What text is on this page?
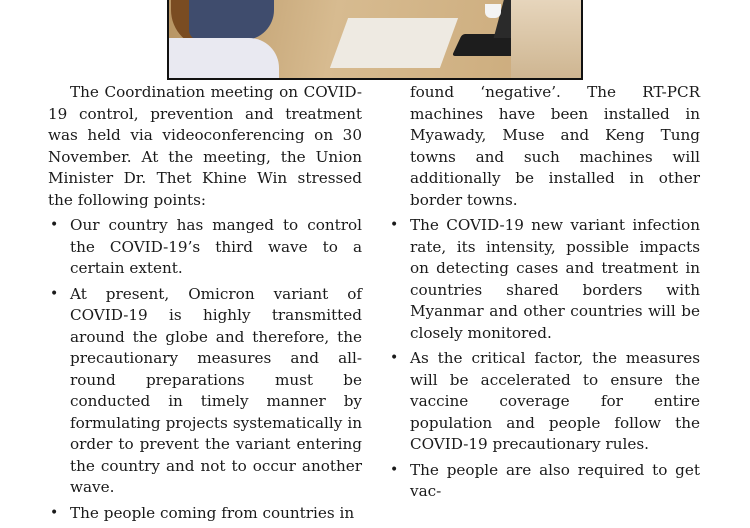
The Coordination meeting on COVID-19 control, prevention and treatment was held via videoconferencing on 30 November. At the meeting, the Union Minister Dr. Thet Khine Win stressed the following points:

• Our country has manged to control the COVID-19’s third wave to a certain extent.
• At present, Omicron variant of COVID-19 is highly transmitted around the globe and therefore, the precautionary measures and all-round preparations must be conducted in timely manner by formulating projects systematically in order to prevent the variant entering the country and not to occur another wave.
• The people coming from countries in

found ‘negative’. The RT-PCR machines have been installed in Myawady, Muse and Keng Tung towns and such machines will additionally be installed in other border towns.

• The COVID-19 new variant infection rate, its intensity, possible impacts on detecting cases and treatment in countries shared borders with Myanmar and other countries will be closely monitored.
• As the critical factor, the measures will be accelerated to ensure the vaccine coverage for entire population and people follow the COVID-19 precautionary rules.
• The people are also required to get vac-
